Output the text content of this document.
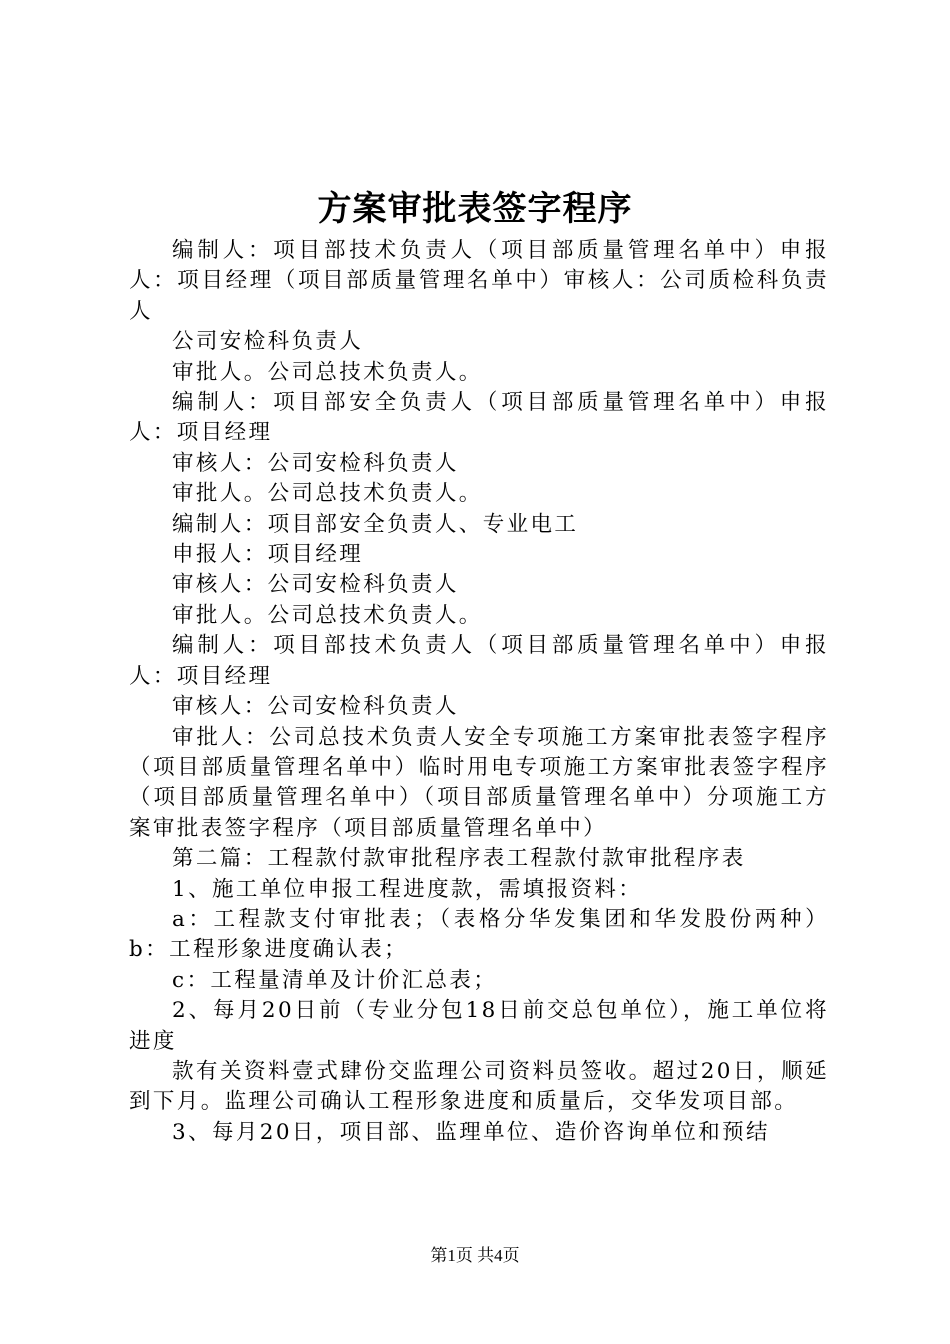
方案审批表签字程序

编制人：项目部技术负责人（项目部质量管理名单中）申报人：项目经理（项目部质量管理名单中）审核人：公司质检科负责人

公司安检科负责人

审批人。公司总技术负责人。

编制人：项目部安全负责人（项目部质量管理名单中）申报人：项目经理

审核人：公司安检科负责人

审批人。公司总技术负责人。

编制人：项目部安全负责人、专业电工

申报人：项目经理

审核人：公司安检科负责人

审批人。公司总技术负责人。

编制人：项目部技术负责人（项目部质量管理名单中）申报人：项目经理

审核人：公司安检科负责人

审批人：公司总技术负责人安全专项施工方案审批表签字程序（项目部质量管理名单中）临时用电专项施工方案审批表签字程序（项目部质量管理名单中）（项目部质量管理名单中）分项施工方案审批表签字程序（项目部质量管理名单中）

第二篇：工程款付款审批程序表工程款付款审批程序表

1、施工单位申报工程进度款，需填报资料：

a：工程款支付审批表；（表格分华发集团和华发股份两种）b：工程形象进度确认表；

c：工程量清单及计价汇总表；

2、每月20日前（专业分包18日前交总包单位），施工单位将进度

款有关资料壹式肆份交监理公司资料员签收。超过20日，顺延到下月。监理公司确认工程形象进度和质量后，交华发项目部。

3、每月20日，项目部、监理单位、造价咨询单位和预结

第1页 共4页
